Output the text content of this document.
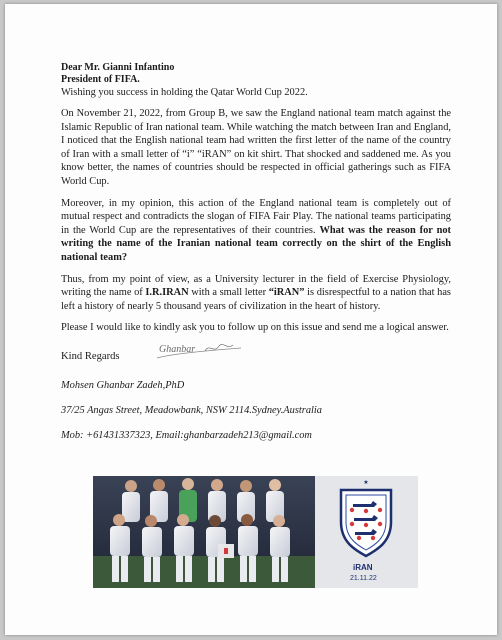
Dear Mr. Gianni Infantino
President of FIFA.
Wishing you success in holding the Qatar World Cup 2022.

On November 21, 2022, from Group B, we saw the England national team match against the Islamic Republic of Iran national team. While watching the match between Iran and England, I noticed that the English national team had written the first letter of the name of the country of Iran with a small letter of “i” “iRAN” on kit shirt. That shocked and saddened me. As you know better, the names of countries should be respected in official gatherings such as FIFA World Cup.

Moreover, in my opinion, this action of the England national team is completely out of mutual respect and contradicts the slogan of FIFA Fair Play. The national teams participating in the World Cup are the representatives of their countries. What was the reason for not writing the name of the Iranian national team correctly on the shirt of the English national team?

Thus, from my point of view, as a University lecturer in the field of Exercise Physiology, writing the name of I.R.IRAN with a small letter “iRAN” is disrespectful to a nation that has left a history of nearly 5 thousand years of civilization in the heart of history.

Please I would like to kindly ask you to follow up on this issue and send me a logical answer.

Kind Regards
Ghanbar
Mohsen Ghanbar Zadeh,PhD
37/25 Angas Street, Meadowbank, NSW 2114.Sydney.Australia
Mob: +61431337323, Email:ghanbarzadeh213@gmail.com
★
iRAN
21.11.22
